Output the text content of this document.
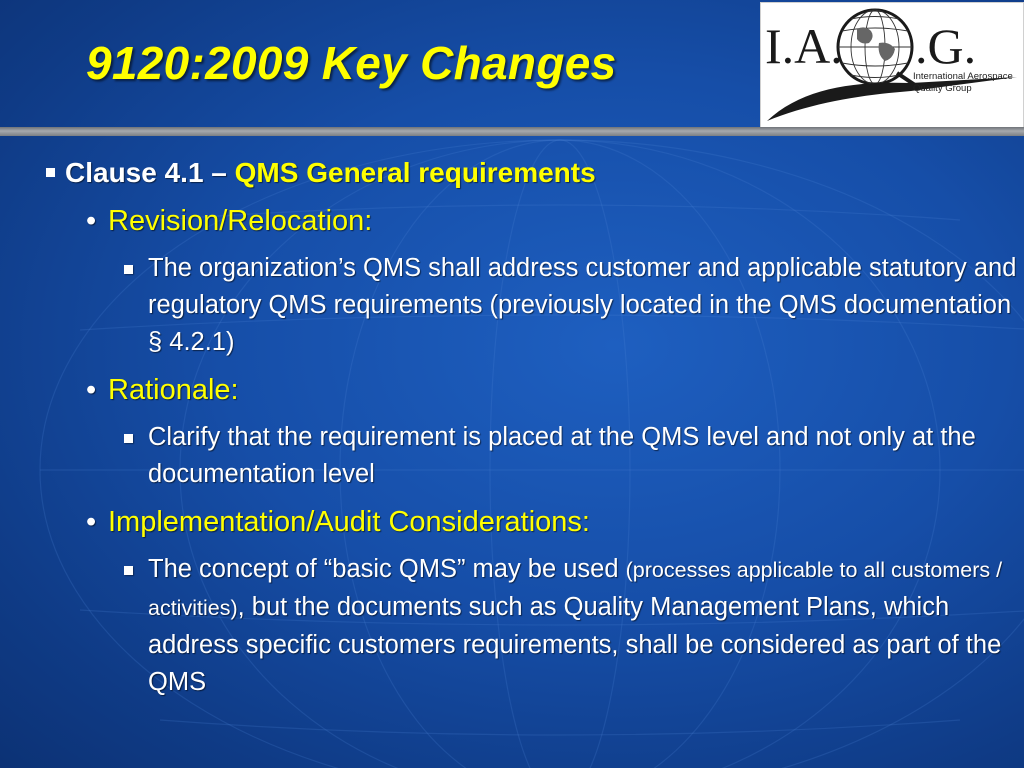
9120:2009 Key Changes	I.A. .G.
International Aerospace
Quality Group
Clause 4.1 – QMS General requirements
• Revision/Relocation:
The organization’s QMS shall address customer and applicable statutory and regulatory QMS requirements (previously located in the QMS documentation § 4.2.1)
• Rationale:
Clarify that the requirement is placed at the QMS level and not only at the documentation level
• Implementation/Audit Considerations:
The concept of “basic QMS” may be used (processes applicable to all customers / activities), but the documents such as Quality Management Plans, which address specific customers requirements, shall be considered as part of the QMS
